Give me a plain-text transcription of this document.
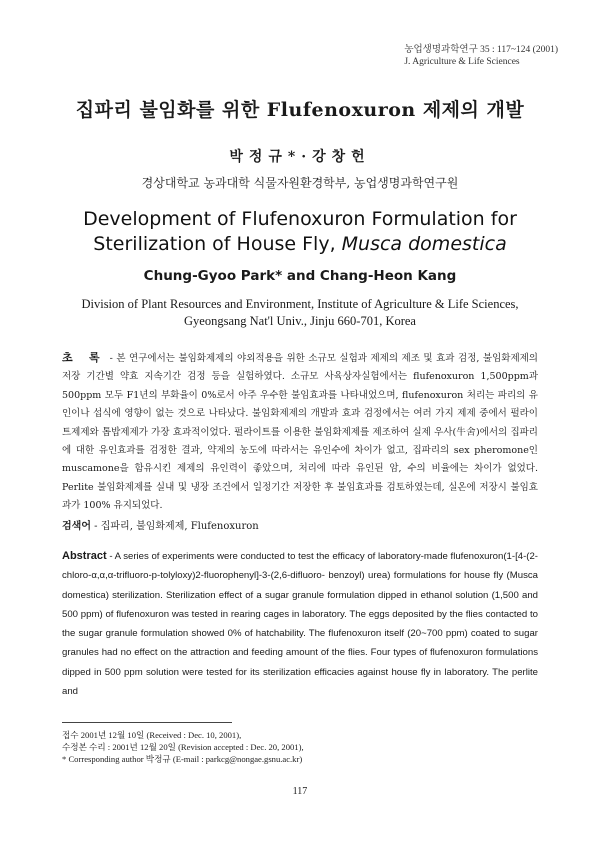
농업생명과학연구 35 : 117~124 (2001)
J. Agriculture & Life Sciences
집파리 불임화를 위한 Flufenoxuron 제제의 개발
박정규*·강창헌
경상대학교 농과대학 식물자원환경학부, 농업생명과학연구원
Development of Flufenoxuron Formulation for
Sterilization of House Fly, Musca domestica
Chung-Gyoo Park* and Chang-Heon Kang
Division of Plant Resources and Environment, Institute of Agriculture & Life Sciences,
Gyeongsang Nat'l Univ., Jinju 660-701, Korea
초 록 - 본 연구에서는 불임화제제의 야외적용을 위한 소규모 실험과 제제의 제조 및 효과 검정, 불임화제제의 저장 기간별 약효 지속기간 검정 등을 실험하였다. 소규모 사육상자실험에서는 flufenoxuron 1,500ppm과 500ppm 모두 F1년의 부화율이 0%로서 아주 우수한 불임효과를 나타내었으며, flufenoxuron 처리는 파리의 유인이나 섭식에 영향이 없는 것으로 나타났다. 불임화제제의 개발과 효과 검정에서는 여러 가지 제제 중에서 펄라이트제제와 톱밥제제가 가장 효과적이었다. 펄라이트를 이용한 불임화제제를 제조하여 실제 우사(牛舍)에서의 집파리에 대한 유인효과를 검정한 결과, 약제의 농도에 따라서는 유인수에 차이가 없고, 집파리의 sex pheromone인 muscamone을 함유시킨 제제의 유인력이 좋았으며, 처리에 따라 유인된 암, 수의 비율에는 차이가 없었다. Perlite 불임화제제를 실내 및 냉장 조건에서 일정기간 저장한 후 불임효과를 검토하였는데, 실온에 저장시 불임효과가 100% 유지되었다.
검색어 - 집파리, 불임화제제, Flufenoxuron
Abstract - A series of experiments were conducted to test the efficacy of laboratory-made flufenoxuron(1-[4-(2-chloro-α,α,α-trifluoro-p-tolyloxy)2-fluorophenyl]-3-(2,6-difluoro- benzoyl) urea) formulations for house fly (Musca domestica) sterilization. Sterilization effect of a sugar granule formulation dipped in ethanol solution (1,500 and 500 ppm) of flufenoxuron was tested in rearing cages in laboratory. The eggs deposited by the flies contacted to the sugar granule formulation showed 0% of hatchability. The flufenoxuron itself (20~700 ppm) coated to sugar granules had no effect on the attraction and feeding amount of the flies. Four types of flufenoxuron formulations dipped in 500 ppm solution were tested for its sterilization efficacies against house fly in laboratory. The perlite and
접수 2001년 12월 10일 (Received : Dec. 10, 2001),
수정본 수리 : 2001년 12월 20일 (Revision accepted : Dec. 20, 2001),
* Corresponding author 박정규 (E-mail : parkcg@nongae.gsnu.ac.kr)
117
